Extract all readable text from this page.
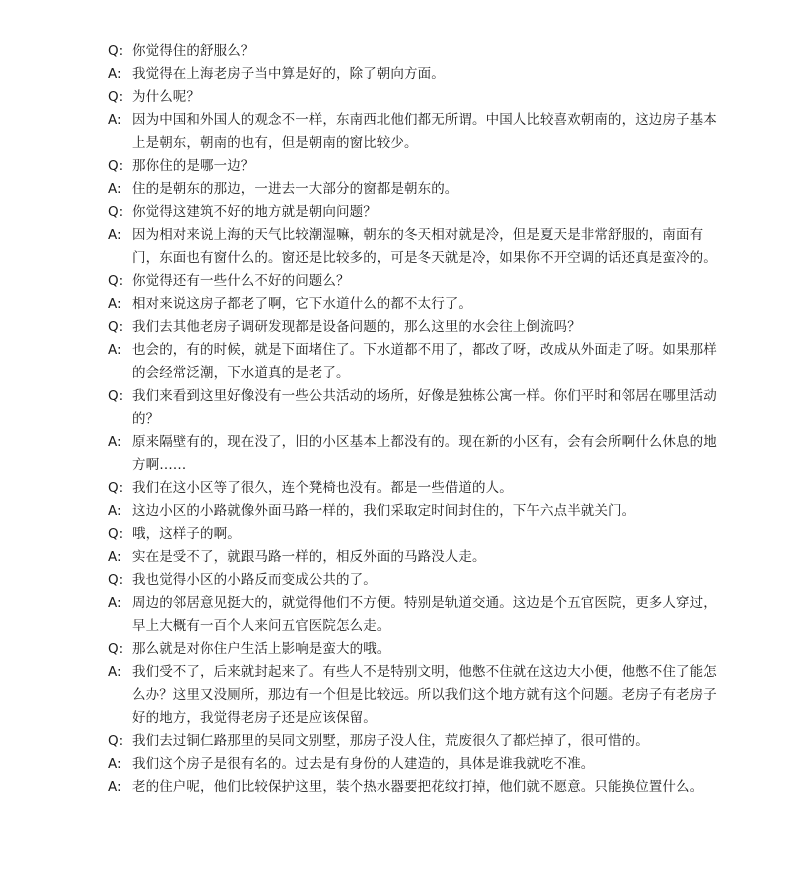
Q: 你觉得住的舒服么？
A: 我觉得在上海老房子当中算是好的，除了朝向方面。
Q: 为什么呢？
A: 因为中国和外国人的观念不一样，东南西北他们都无所谓。中国人比较喜欢朝南的，这边房子基本上是朝东，朝南的也有，但是朝南的窗比较少。
Q: 那你住的是哪一边？
A: 住的是朝东的那边，一进去一大部分的窗都是朝东的。
Q: 你觉得这建筑不好的地方就是朝向问题？
A: 因为相对来说上海的天气比较潮湿嘛，朝东的冬天相对就是冷，但是夏天是非常舒服的，南面有门，东面也有窗什么的。窗还是比较多的，可是冬天就是冷，如果你不开空调的话还真是蛮冷的。
Q: 你觉得还有一些什么不好的问题么？
A: 相对来说这房子都老了啊，它下水道什么的都不太行了。
Q: 我们去其他老房子调研发现都是设备问题的，那么这里的水会往上倒流吗？
A: 也会的，有的时候，就是下面堵住了。下水道都不用了，都改了呀，改成从外面走了呀。如果那样的会经常泛潮，下水道真的是老了。
Q: 我们来看到这里好像没有一些公共活动的场所，好像是独栋公寓一样。你们平时和邻居在哪里活动的？
A: 原来隔壁有的，现在没了，旧的小区基本上都没有的。现在新的小区有，会有会所啊什么休息的地方啊……
Q: 我们在这小区等了很久，连个凳椅也没有。都是一些借道的人。
A: 这边小区的小路就像外面马路一样的，我们采取定时间封住的，下午六点半就关门。
Q: 哦，这样子的啊。
A: 实在是受不了，就跟马路一样的，相反外面的马路没人走。
Q: 我也觉得小区的小路反而变成公共的了。
A: 周边的邻居意见挺大的，就觉得他们不方便。特别是轨道交通。这边是个五官医院，更多人穿过，早上大概有一百个人来问五官医院怎么走。
Q: 那么就是对你住户生活上影响是蛮大的哦。
A: 我们受不了，后来就封起来了。有些人不是特别文明，他憋不住就在这边大小便，他憋不住了能怎么办？这里又没厕所，那边有一个但是比较远。所以我们这个地方就有这个问题。老房子有老房子好的地方，我觉得老房子还是应该保留。
Q: 我们去过铜仁路那里的吴同文别墅，那房子没人住，荒废很久了都烂掉了，很可惜的。
A: 我们这个房子是很有名的。过去是有身份的人建造的，具体是谁我就吃不准。
A: 老的住户呢，他们比较保护这里，装个热水器要把花纹打掉，他们就不愿意。只能换位置什么。
